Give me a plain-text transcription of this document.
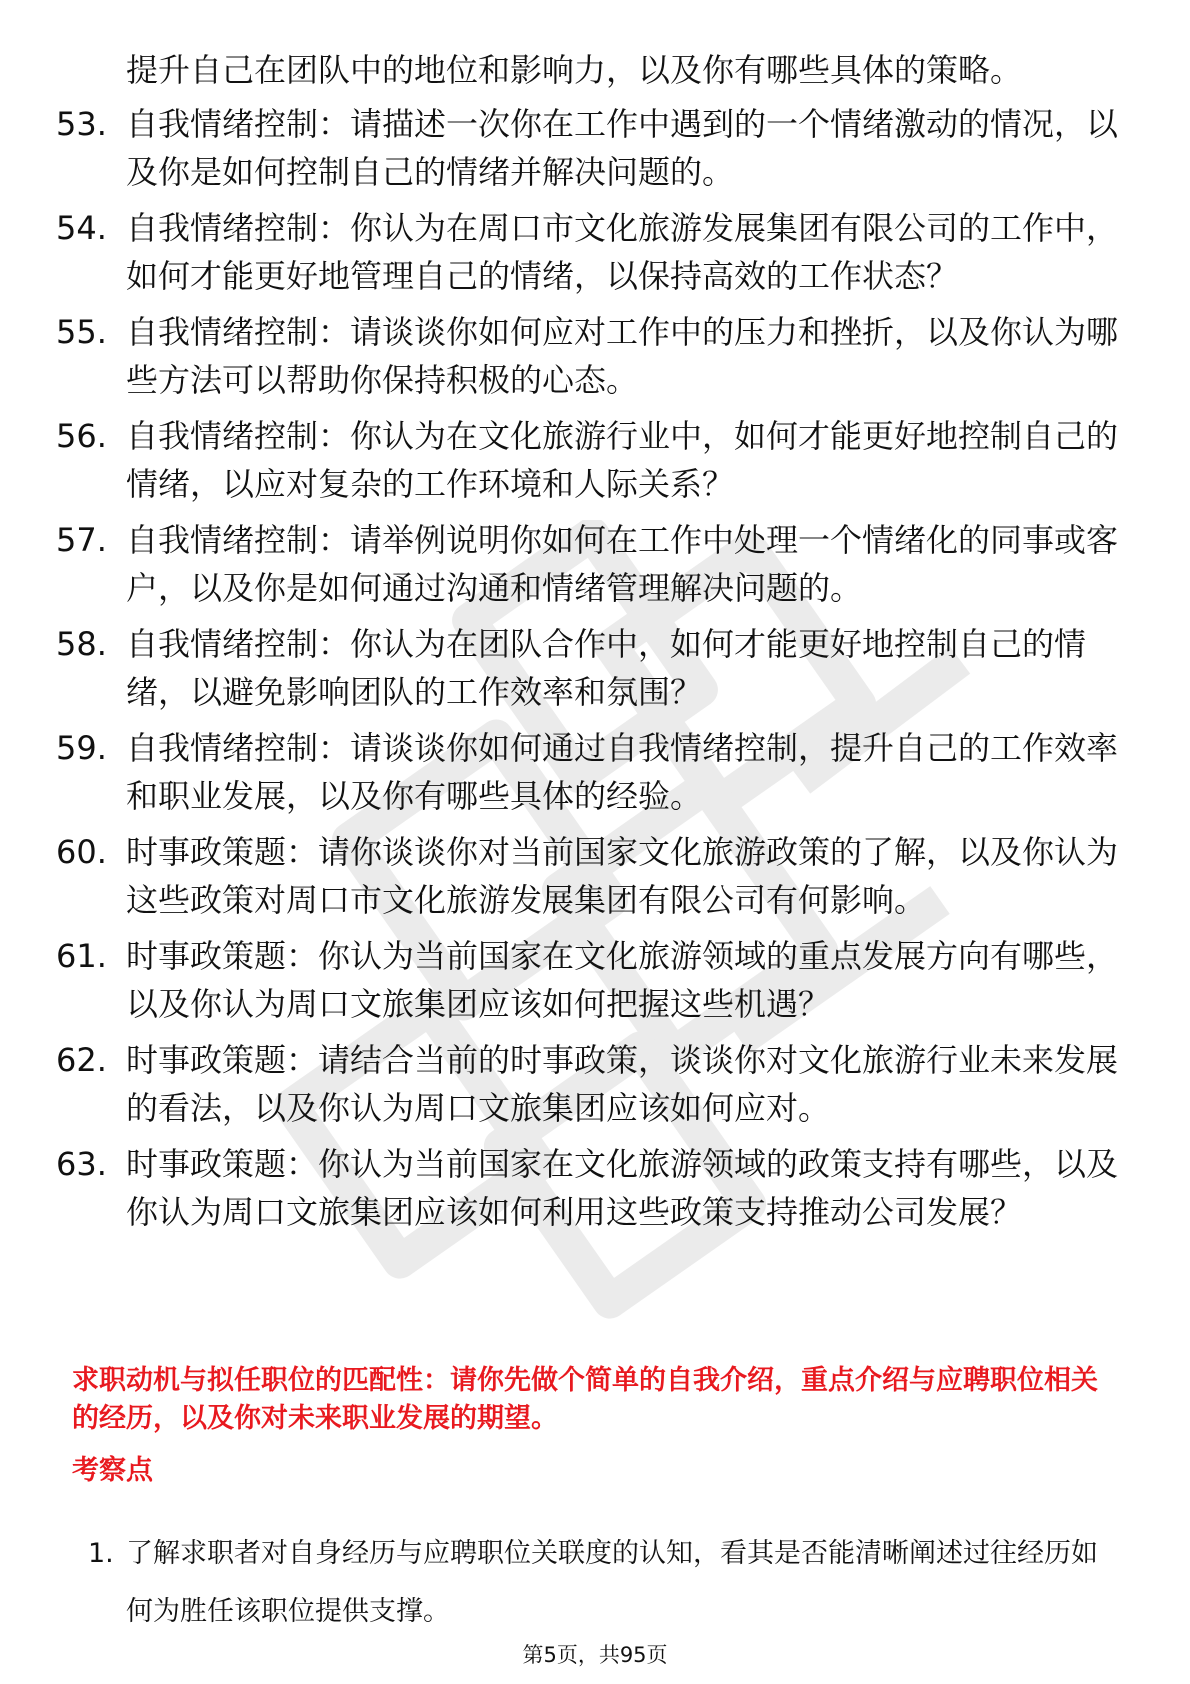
提升自己在团队中的地位和影响力，以及你有哪些具体的策略。
53. 自我情绪控制：请描述一次你在工作中遇到的一个情绪激动的情况，以及你是如何控制自己的情绪并解决问题的。
54. 自我情绪控制：你认为在周口市文化旅游发展集团有限公司的工作中，如何才能更好地管理自己的情绪，以保持高效的工作状态？
55. 自我情绪控制：请谈谈你如何应对工作中的压力和挫折，以及你认为哪些方法可以帮助你保持积极的心态。
56. 自我情绪控制：你认为在文化旅游行业中，如何才能更好地控制自己的情绪，以应对复杂的工作环境和人际关系？
57. 自我情绪控制：请举例说明你如何在工作中处理一个情绪化的同事或客户，以及你是如何通过沟通和情绪管理解决问题的。
58. 自我情绪控制：你认为在团队合作中，如何才能更好地控制自己的情绪，以避免影响团队的工作效率和氛围？
59. 自我情绪控制：请谈谈你如何通过自我情绪控制，提升自己的工作效率和职业发展，以及你有哪些具体的经验。
60. 时事政策题：请你谈谈你对当前国家文化旅游政策的了解，以及你认为这些政策对周口市文化旅游发展集团有限公司有何影响。
61. 时事政策题：你认为当前国家在文化旅游领域的重点发展方向有哪些，以及你认为周口文旅集团应该如何把握这些机遇？
62. 时事政策题：请结合当前的时事政策，谈谈你对文化旅游行业未来发展的看法，以及你认为周口文旅集团应该如何应对。
63. 时事政策题：你认为当前国家在文化旅游领域的政策支持有哪些，以及你认为周口文旅集团应该如何利用这些政策支持推动公司发展？
求职动机与拟任职位的匹配性：请你先做个简单的自我介绍，重点介绍与应聘职位相关的经历，以及你对未来职业发展的期望。
考察点
1. 了解求职者对自身经历与应聘职位关联度的认知，看其是否能清晰阐述过往经历如何为胜任该职位提供支撑。
第5页，共95页
